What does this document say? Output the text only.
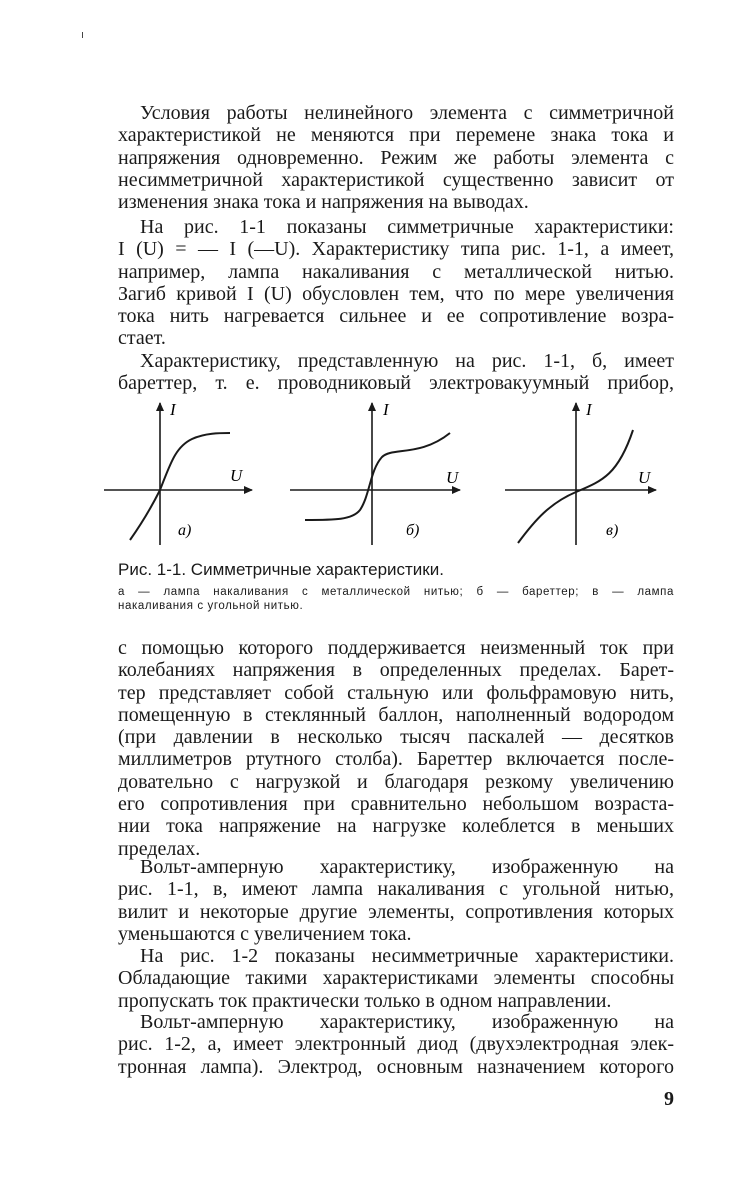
Условия работы нелинейного элемента с симметричной
характеристикой не меняются при перемене знака тока и
напряжения одновременно. Режим же работы элемента с
несимметричной характеристикой существенно зависит от
изменения знака тока и напряжения на выводах.
На рис. 1-1 показаны симметричные характеристики:
I (U) = — I (—U). Характеристику типа рис. 1-1, а имеет,
например, лампа накаливания с металлической нитью.
Загиб кривой I (U) обусловлен тем, что по мере увеличения
тока нить нагревается сильнее и ее сопротивление возра-
стает.
Характеристику, представленную на рис. 1-1, б, имеет
бареттер, т. е. проводниковый электровакуумный прибор,
I
U
а)
I
U
б)
I
U
в)
Рис. 1-1. Симметричные характеристики.
а — лампа накаливания с металлической нитью; б — бареттер; в — лампа
накаливания с угольной нитью.
с помощью которого поддерживается неизменный ток при
колебаниях напряжения в определенных пределах. Барет-
тер представляет собой стальную или фольфрамовую нить,
помещенную в стеклянный баллон, наполненный водородом
(при давлении в несколько тысяч паскалей — десятков
миллиметров ртутного столба). Бареттер включается после-
довательно с нагрузкой и благодаря резкому увеличению
его сопротивления при сравнительно небольшом возраста-
нии тока напряжение на нагрузке колеблется в меньших
пределах.
Вольт-амперную характеристику, изображенную на
рис. 1-1, в, имеют лампа накаливания с угольной нитью,
вилит и некоторые другие элементы, сопротивления которых
уменьшаются с увеличением тока.
На рис. 1-2 показаны несимметричные характеристики.
Обладающие такими характеристиками элементы способны
пропускать ток практически только в одном направлении.
Вольт-амперную характеристику, изображенную на
рис. 1-2, а, имеет электронный диод (двухэлектродная элек-
тронная лампа). Электрод, основным назначением которого
9
